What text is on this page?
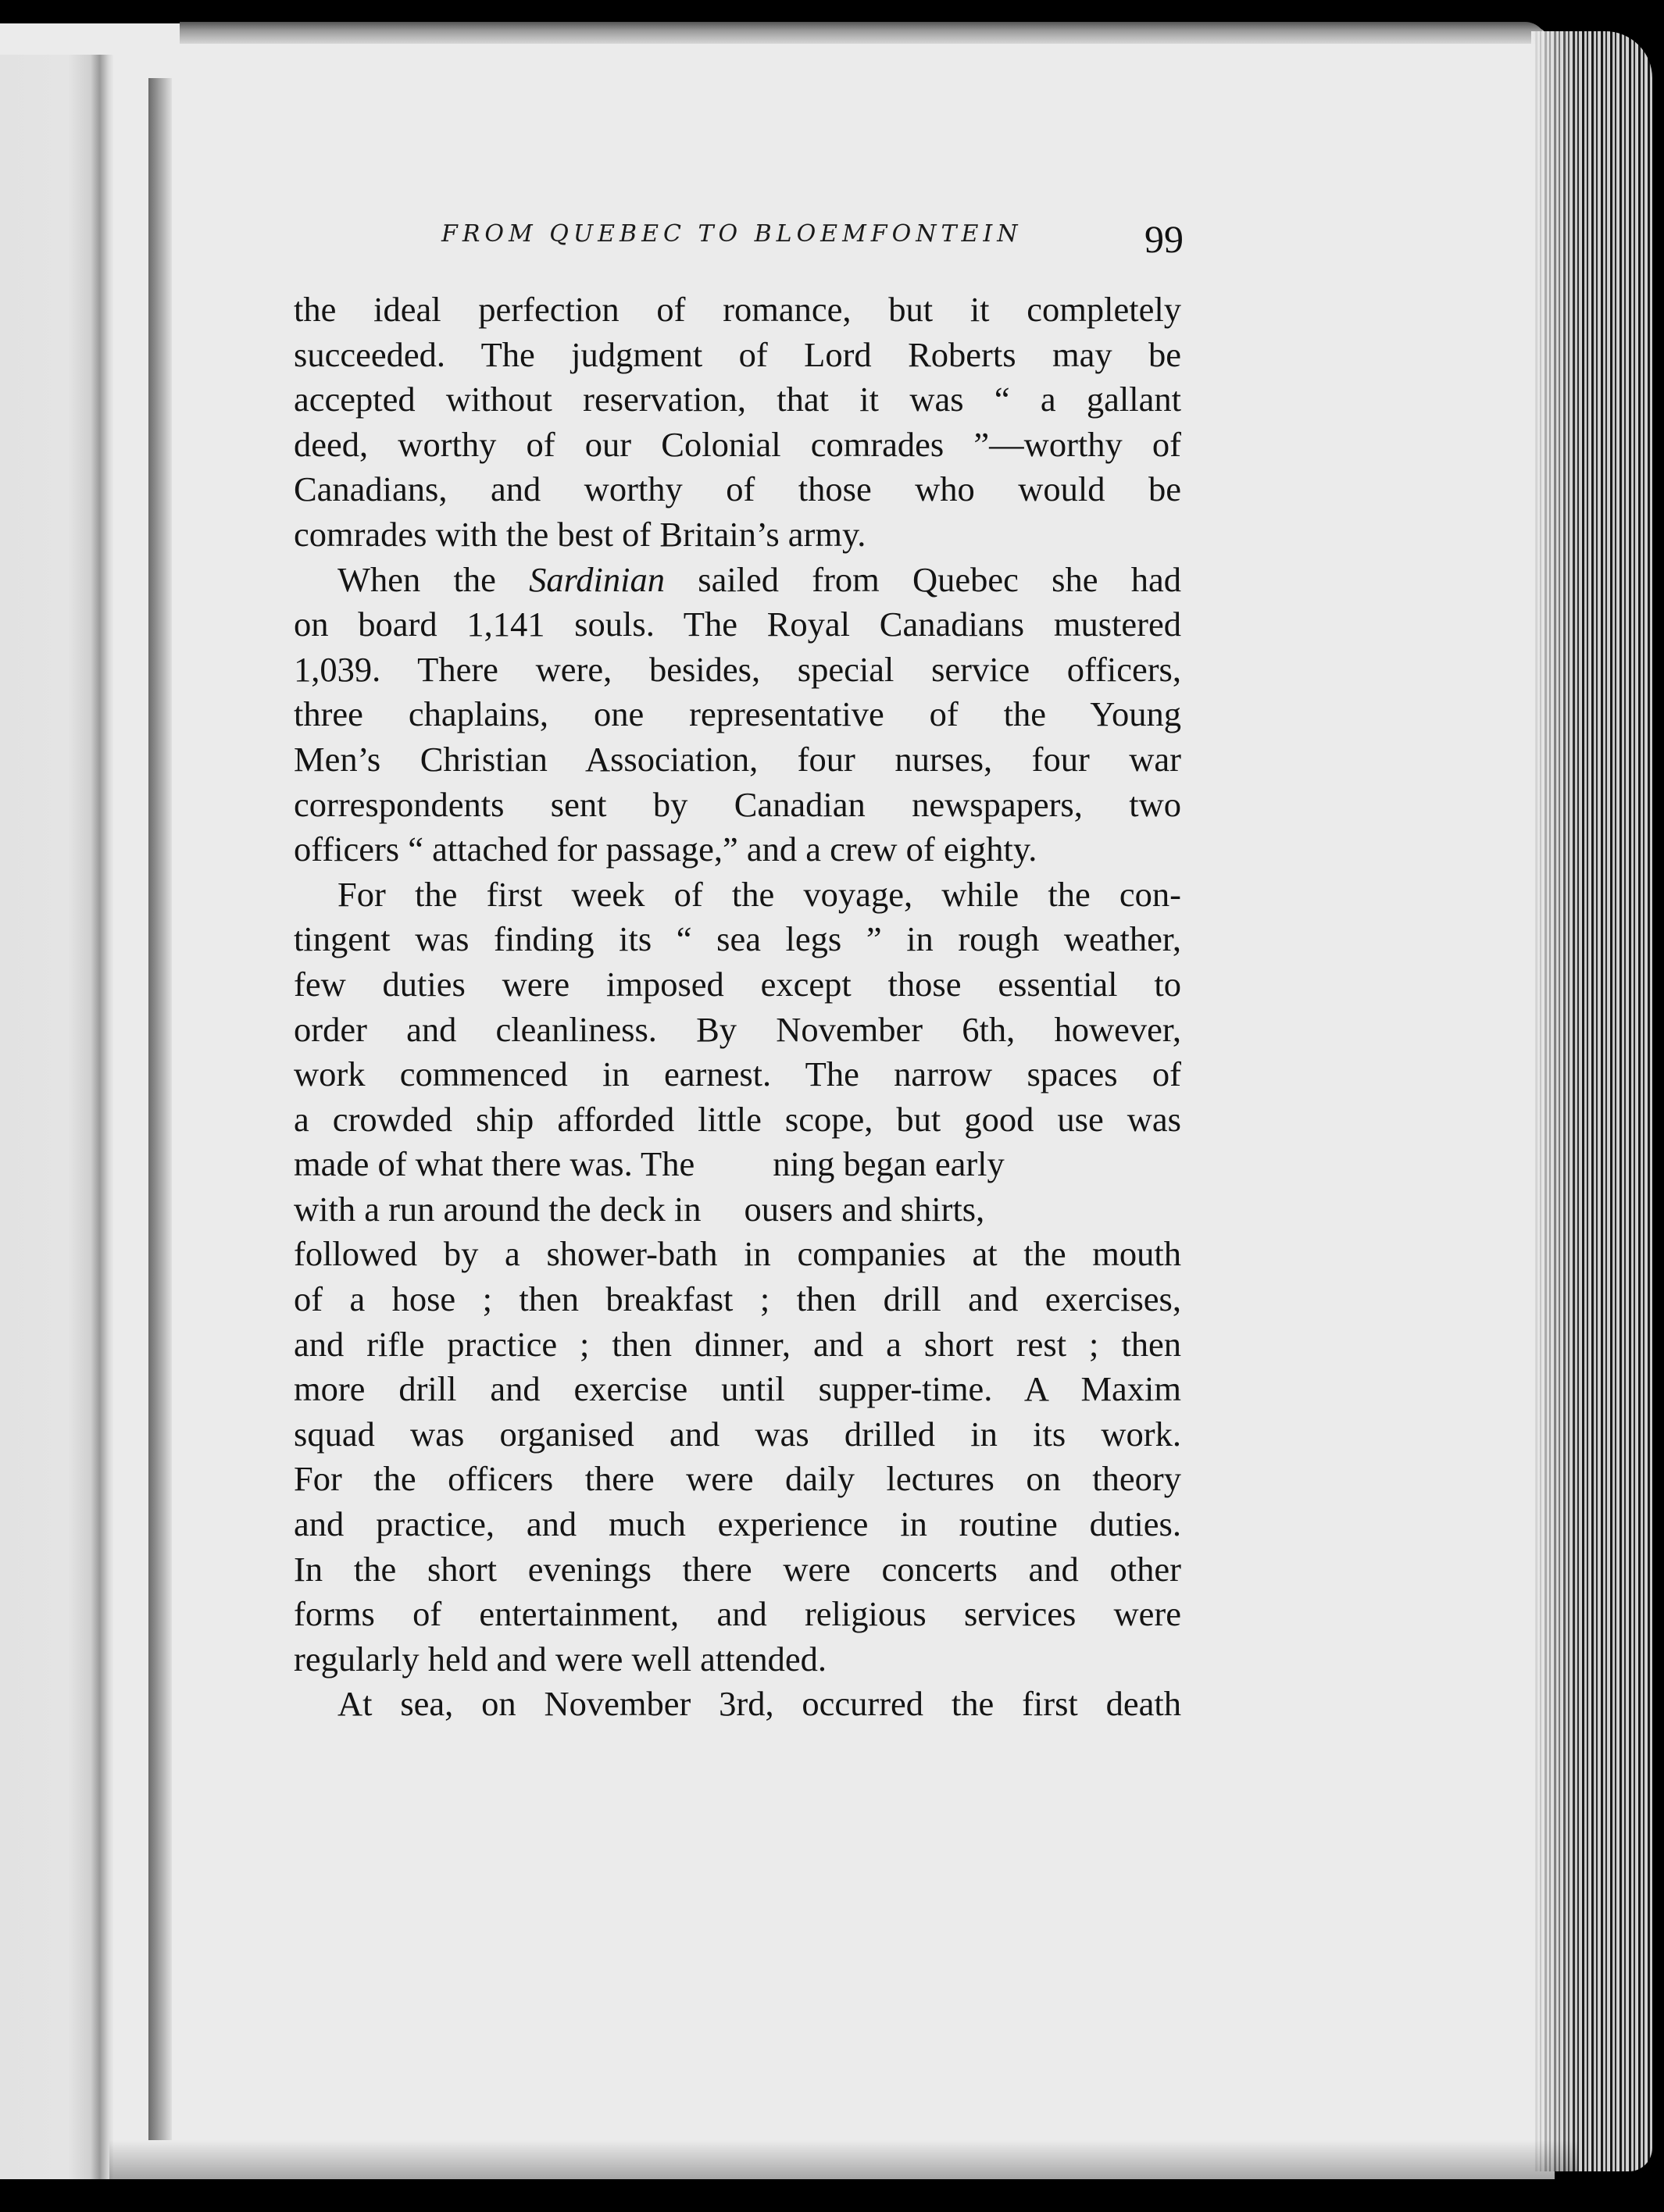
FROM QUEBEC TO BLOEMFONTEIN	99
the ideal perfection of romance, but it completely
succeeded. The judgment of Lord Roberts may be
accepted without reservation, that it was “ a gallant
deed, worthy of our Colonial comrades ”—worthy of
Canadians, and worthy of those who would be
comrades with the best of Britain’s army.
When the Sardinian sailed from Quebec she had
on board 1,141 souls. The Royal Canadians mustered
1,039. There were, besides, special service officers,
three chaplains, one representative of the Young
Men’s Christian Association, four nurses, four war
correspondents sent by Canadian newspapers, two
officers “ attached for passage,” and a crew of eighty.
For the first week of the voyage, while the con-
tingent was finding its “ sea legs ” in rough weather,
few duties were imposed except those essential to
order and cleanliness. By November 6th, however,
work commenced in earnest. The narrow spaces of
a crowded ship afforded little scope, but good use was
made of what there was. The ning began early
with a run around the deck in ousers and shirts,
followed by a shower-bath in companies at the mouth
of a hose ; then breakfast ; then drill and exercises,
and rifle practice ; then dinner, and a short rest ; then
more drill and exercise until supper-time. A Maxim
squad was organised and was drilled in its work.
For the officers there were daily lectures on theory
and practice, and much experience in routine duties.
In the short evenings there were concerts and other
forms of entertainment, and religious services were
regularly held and were well attended.
At sea, on November 3rd, occurred the first death
